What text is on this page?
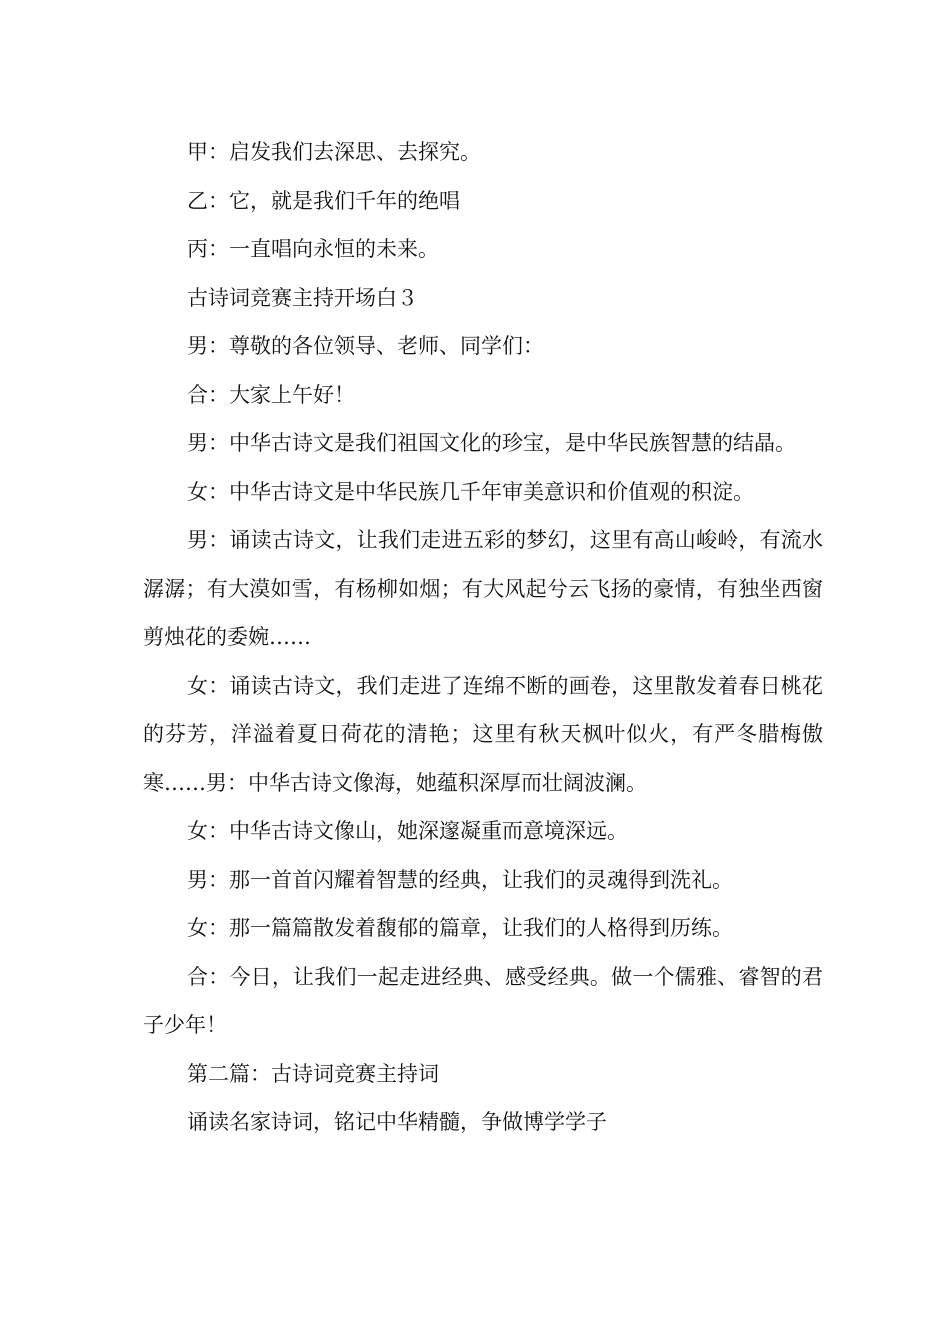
甲：启发我们去深思、去探究。

乙：它，就是我们千年的绝唱

丙：一直唱向永恒的未来。

古诗词竞赛主持开场白３

男：尊敬的各位领导、老师、同学们：

合：大家上午好！

男：中华古诗文是我们祖国文化的珍宝，是中华民族智慧的结晶。

女：中华古诗文是中华民族几千年审美意识和价值观的积淀。

男：诵读古诗文，让我们走进五彩的梦幻，这里有高山峻岭，有流水潺潺；有大漠如雪，有杨柳如烟；有大风起兮云飞扬的豪情，有独坐西窗剪烛花的委婉……

女：诵读古诗文，我们走进了连绵不断的画卷，这里散发着春日桃花的芬芳，洋溢着夏日荷花的清艳；这里有秋天枫叶似火，有严冬腊梅傲寒……男：中华古诗文像海，她蕴积深厚而壮阔波澜。

女：中华古诗文像山，她深邃凝重而意境深远。

男：那一首首闪耀着智慧的经典，让我们的灵魂得到洗礼。

女：那一篇篇散发着馥郁的篇章，让我们的人格得到历练。

合：今日，让我们一起走进经典、感受经典。做一个儒雅、睿智的君子少年！

第二篇：古诗词竞赛主持词

诵读名家诗词，铭记中华精髓，争做博学学子
